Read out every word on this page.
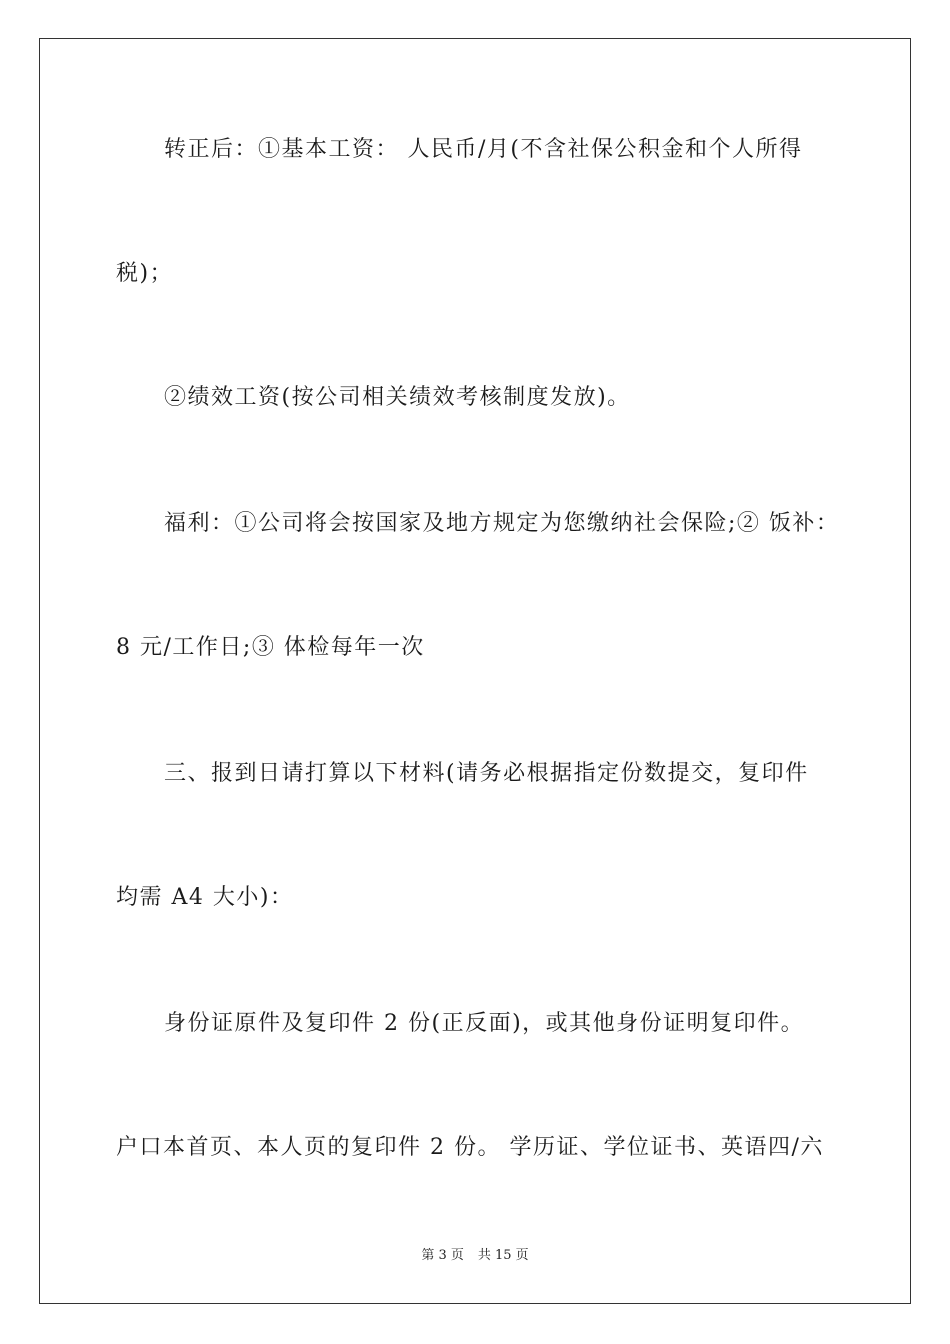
转正后：①基本工资： 人民币/月(不含社保公积金和个人所得
税)；
②绩效工资(按公司相关绩效考核制度发放)。
福利：①公司将会按国家及地方规定为您缴纳社会保险;② 饭补：
8 元/工作日;③ 体检每年一次
三、报到日请打算以下材料(请务必根据指定份数提交，复印件
均需 A4 大小)：
身份证原件及复印件 2 份(正反面)，或其他身份证明复印件。
户口本首页、本人页的复印件 2 份。 学历证、学位证书、英语四/六
第 3 页 共 15 页
